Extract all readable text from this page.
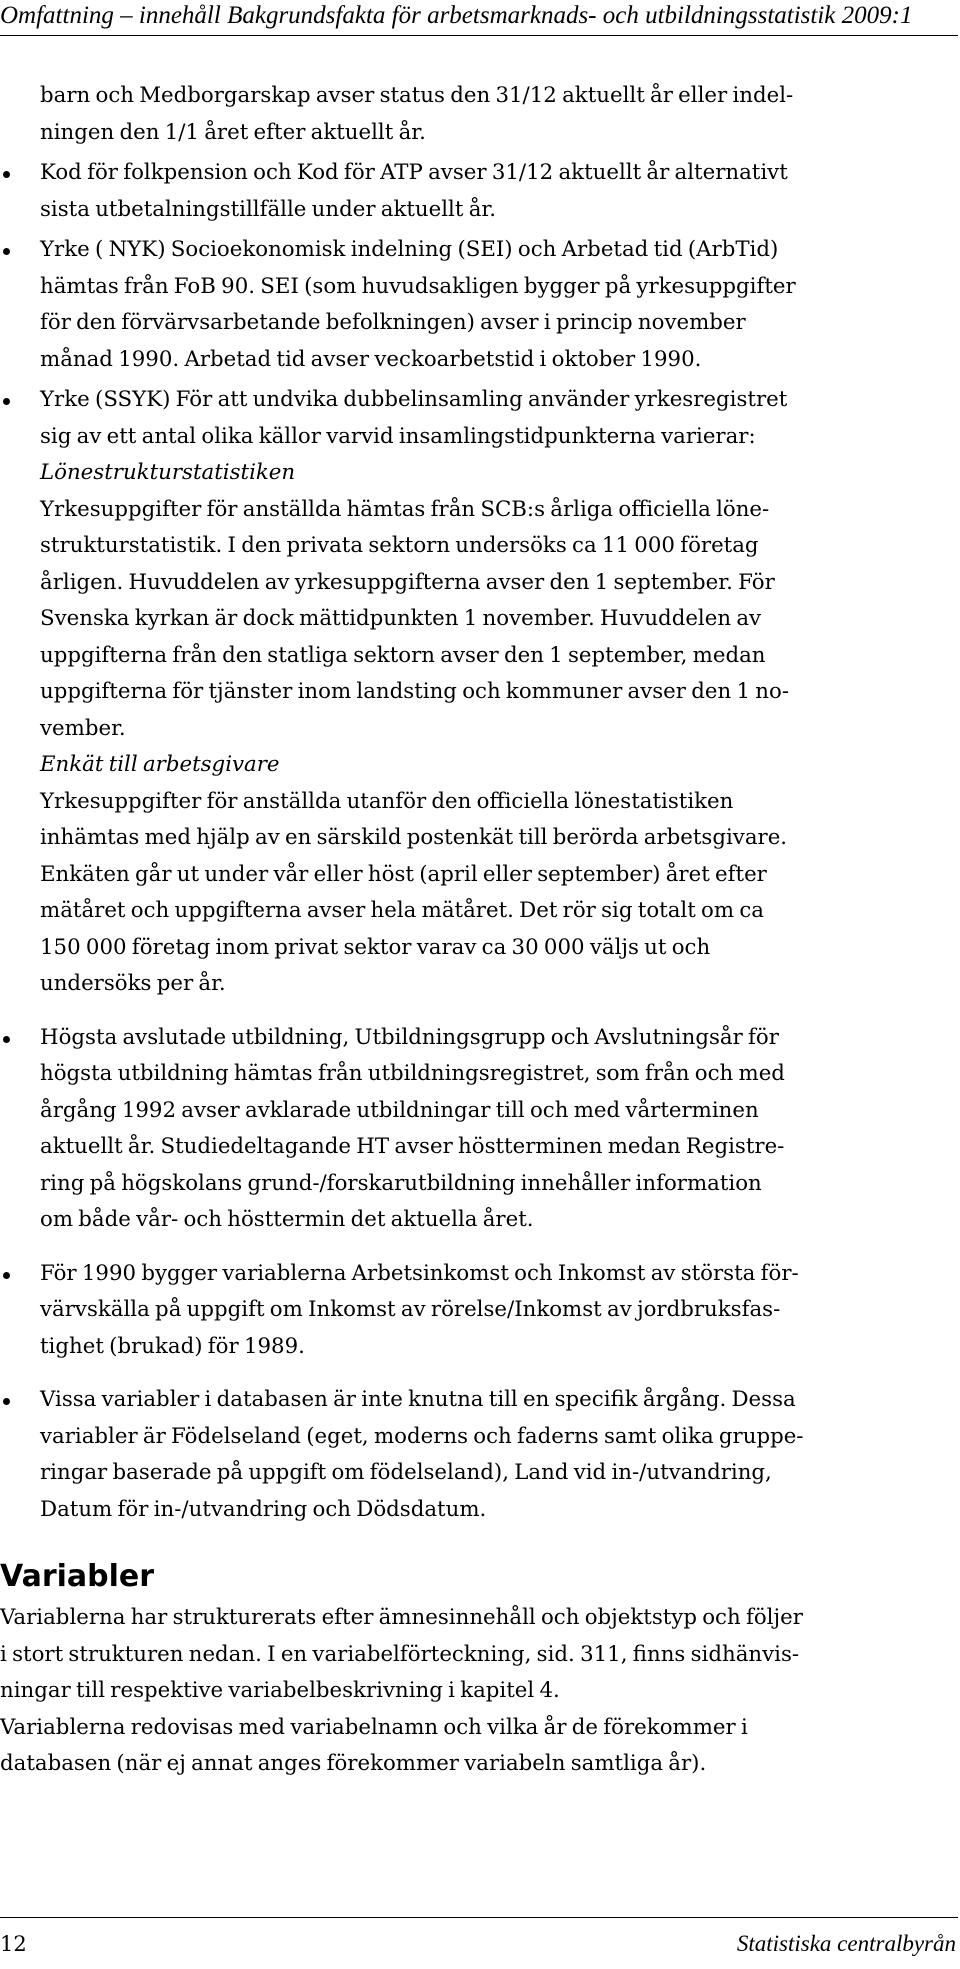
Omfattning – innehåll Bakgrundsfakta för arbetsmarknads- och utbildningsstatistik 2009:1

barn och Medborgarskap avser status den 31/12 aktuellt år eller indel-
ningen den 1/1 året efter aktuellt år.

Kod för folkpension och Kod för ATP avser 31/12 aktuellt år alternativt
sista utbetalningstillfälle under aktuellt år.
Yrke ( NYK) Socioekonomisk indelning (SEI) och Arbetad tid (ArbTid)
hämtas från FoB 90. SEI (som huvudsakligen bygger på yrkesuppgifter
för den förvärvsarbetande befolkningen) avser i princip november
månad 1990. Arbetad tid avser veckoarbetstid i oktober 1990.
Yrke (SSYK) För att undvika dubbelinsamling använder yrkesregistret
sig av ett antal olika källor varvid insamlingstidpunkterna varierar:
Lönestrukturstatistiken
Yrkesuppgifter för anställda hämtas från SCB:s årliga officiella löne-
strukturstatistik. I den privata sektorn undersöks ca 11 000 företag
årligen. Huvuddelen av yrkesuppgifterna avser den 1 september. För
Svenska kyrkan är dock mättidpunkten 1 november. Huvuddelen av
uppgifterna från den statliga sektorn avser den 1 september, medan
uppgifterna för tjänster inom landsting och kommuner avser den 1 no-
vember.
Enkät till arbetsgivare
Yrkesuppgifter för anställda utanför den officiella lönestatistiken
inhämtas med hjälp av en särskild postenkät till berörda arbetsgivare.
Enkäten går ut under vår eller höst (april eller september) året efter
mätåret och uppgifterna avser hela mätåret. Det rör sig totalt om ca
150 000 företag inom privat sektor varav ca 30 000 väljs ut och
undersöks per år.
Högsta avslutade utbildning, Utbildningsgrupp och Avslutningsår för
högsta utbildning hämtas från utbildningsregistret, som från och med
årgång 1992 avser avklarade utbildningar till och med vårterminen
aktuellt år. Studiedeltagande HT avser höstterminen medan Registre-
ring på högskolans grund-/forskarutbildning innehåller information
om både vår- och hösttermin det aktuella året.
För 1990 bygger variablerna Arbetsinkomst och Inkomst av största för-
värvskälla på uppgift om Inkomst av rörelse/Inkomst av jordbruksfas-
tighet (brukad) för 1989.
Vissa variabler i databasen är inte knutna till en specifik årgång. Dessa
variabler är Födelseland (eget, moderns och faderns samt olika gruppe-
ringar baserade på uppgift om födelseland), Land vid in-/utvandring,
Datum för in-/utvandring och Dödsdatum.
Variabler

Variablerna har strukturerats efter ämnesinnehåll och objektstyp och följer
i stort strukturen nedan. I en variabelförteckning, sid. 311, finns sidhänvis-
ningar till respektive variabelbeskrivning i kapitel 4.

Variablerna redovisas med variabelnamn och vilka år de förekommer i
databasen (när ej annat anges förekommer variabeln samtliga år).

12	Statistiska centralbyrån
